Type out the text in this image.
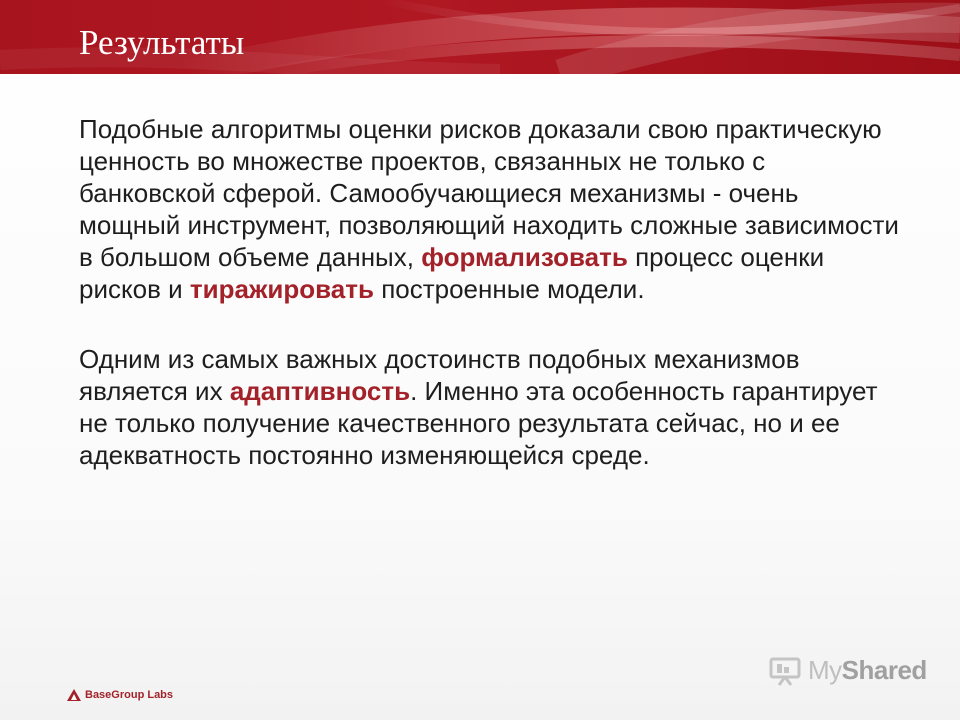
Результаты

Подобные алгоритмы оценки рисков доказали свою практическую ценность во множестве проектов, связанных не только с банковской сферой. Самообучающиеся механизмы - очень мощный инструмент, позволяющий находить сложные зависимости в большом объеме данных, формализовать процесс оценки рисков и тиражировать построенные модели.

Одним из самых важных достоинств подобных механизмов является их адаптивность. Именно эта особенность гарантирует не только получение качественного результата сейчас, но и ее адекватность постоянно изменяющейся среде.

BaseGroup Labs
MyShared
